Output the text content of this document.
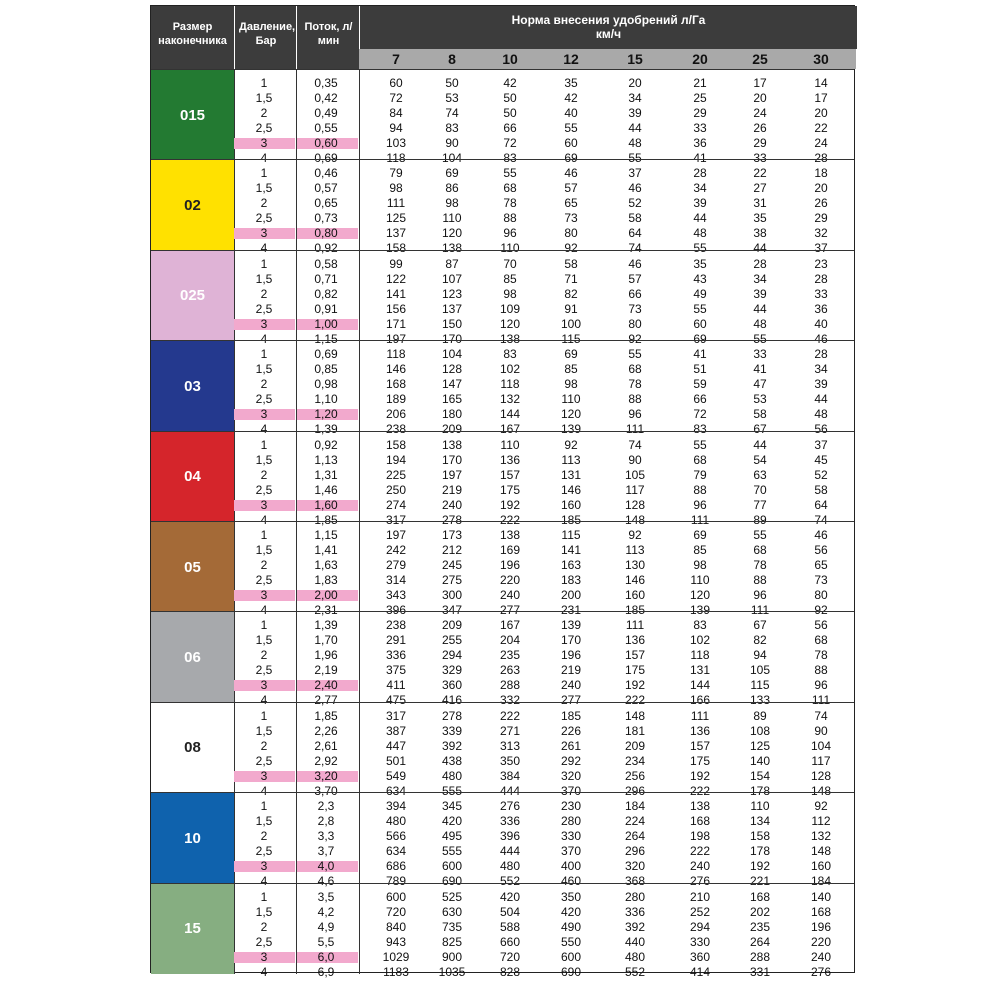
Размер наконечника
Давление, Бар
Поток, л/мин
Норма внесения удобрений л/Га км/ч
7	8	10	12	15	20	25	30
015
1	0,35	60	50	42	35	20	21	17	14
1,5	0,42	72	53	50	42	34	25	20	17
2	0,49	84	74	50	40	39	29	24	20
2,5	0,55	94	83	66	55	44	33	26	22
3	0,60	103	90	72	60	48	36	29	24
4	0,69	118	104	83	69	55	41	33	28
02
1	0,46	79	69	55	46	37	28	22	18
1,5	0,57	98	86	68	57	46	34	27	20
2	0,65	111	98	78	65	52	39	31	26
2,5	0,73	125	110	88	73	58	44	35	29
3	0,80	137	120	96	80	64	48	38	32
4	0,92	158	138	110	92	74	55	44	37
025
1	0,58	99	87	70	58	46	35	28	23
1,5	0,71	122	107	85	71	57	43	34	28
2	0,82	141	123	98	82	66	49	39	33
2,5	0,91	156	137	109	91	73	55	44	36
3	1,00	171	150	120	100	80	60	48	40
4	1,15	197	170	138	115	92	69	55	46
03
1	0,69	118	104	83	69	55	41	33	28
1,5	0,85	146	128	102	85	68	51	41	34
2	0,98	168	147	118	98	78	59	47	39
2,5	1,10	189	165	132	110	88	66	53	44
3	1,20	206	180	144	120	96	72	58	48
4	1,39	238	209	167	139	111	83	67	56
04
1	0,92	158	138	110	92	74	55	44	37
1,5	1,13	194	170	136	113	90	68	54	45
2	1,31	225	197	157	131	105	79	63	52
2,5	1,46	250	219	175	146	117	88	70	58
3	1,60	274	240	192	160	128	96	77	64
4	1,85	317	278	222	185	148	111	89	74
05
1	1,15	197	173	138	115	92	69	55	46
1,5	1,41	242	212	169	141	113	85	68	56
2	1,63	279	245	196	163	130	98	78	65
2,5	1,83	314	275	220	183	146	110	88	73
3	2,00	343	300	240	200	160	120	96	80
4	2,31	396	347	277	231	185	139	111	92
06
1	1,39	238	209	167	139	111	83	67	56
1,5	1,70	291	255	204	170	136	102	82	68
2	1,96	336	294	235	196	157	118	94	78
2,5	2,19	375	329	263	219	175	131	105	88
3	2,40	411	360	288	240	192	144	115	96
4	2,77	475	416	332	277	222	166	133	111
08
1	1,85	317	278	222	185	148	111	89	74
1,5	2,26	387	339	271	226	181	136	108	90
2	2,61	447	392	313	261	209	157	125	104
2,5	2,92	501	438	350	292	234	175	140	117
3	3,20	549	480	384	320	256	192	154	128
4	3,70	634	555	444	370	296	222	178	148
10
1	2,3	394	345	276	230	184	138	110	92
1,5	2,8	480	420	336	280	224	168	134	112
2	3,3	566	495	396	330	264	198	158	132
2,5	3,7	634	555	444	370	296	222	178	148
3	4,0	686	600	480	400	320	240	192	160
4	4,6	789	690	552	460	368	276	221	184
15
1	3,5	600	525	420	350	280	210	168	140
1,5	4,2	720	630	504	420	336	252	202	168
2	4,9	840	735	588	490	392	294	235	196
2,5	5,5	943	825	660	550	440	330	264	220
3	6,0	1029	900	720	600	480	360	288	240
4	6,9	1183	1035	828	690	552	414	331	276
